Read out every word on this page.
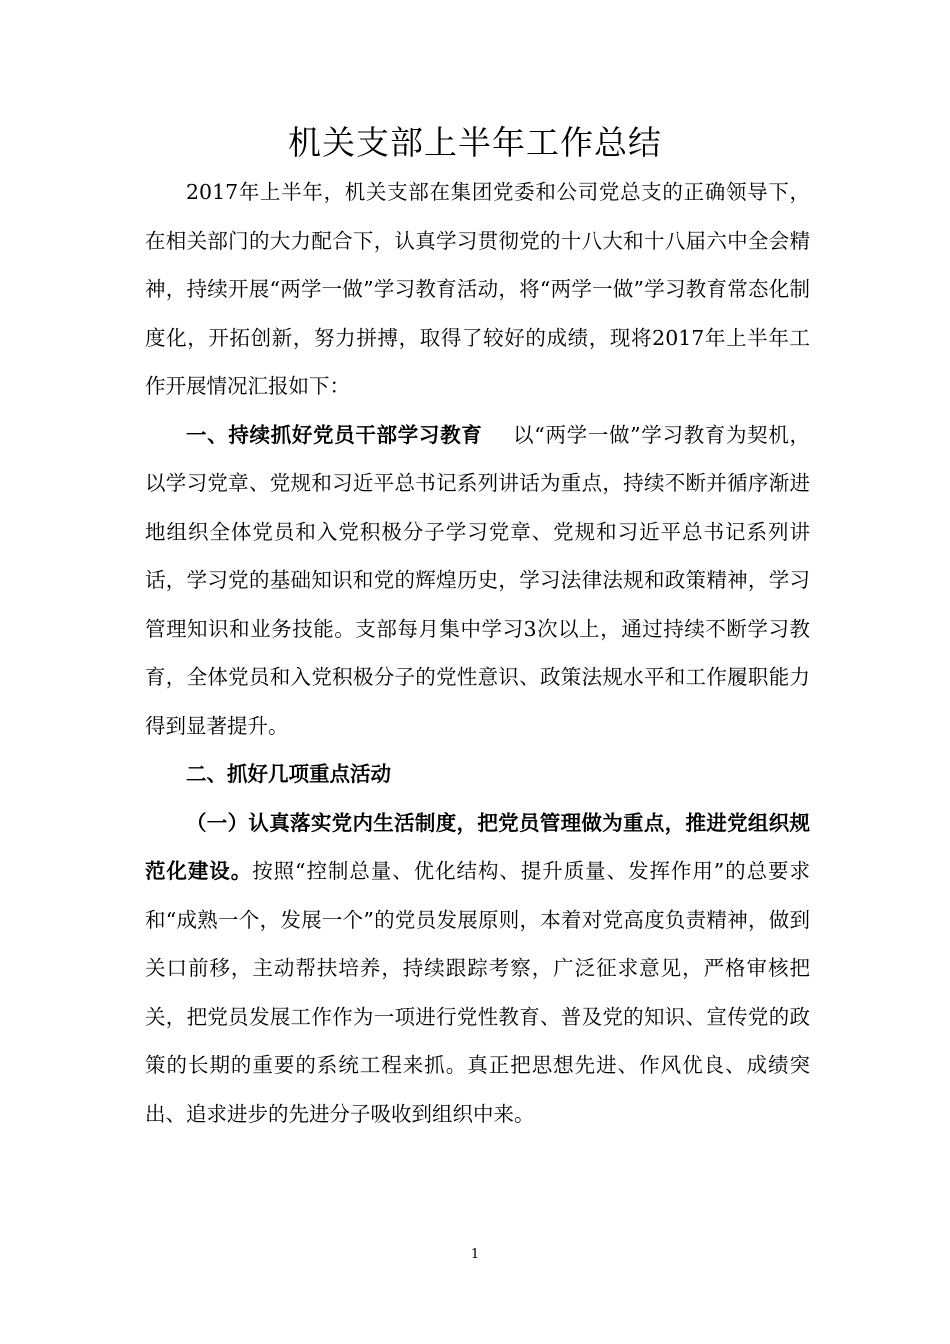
机关支部上半年工作总结

2017年上半年，机关支部在集团党委和公司党总支的正确领导下，在相关部门的大力配合下，认真学习贯彻党的十八大和十八届六中全会精神，持续开展“两学一做”学习教育活动，将“两学一做”学习教育常态化制度化，开拓创新，努力拼搏，取得了较好的成绩，现将2017年上半年工作开展情况汇报如下：

一、持续抓好党员干部学习教育 以“两学一做”学习教育为契机，以学习党章、党规和习近平总书记系列讲话为重点，持续不断并循序渐进地组织全体党员和入党积极分子学习党章、党规和习近平总书记系列讲话，学习党的基础知识和党的辉煌历史，学习法律法规和政策精神，学习管理知识和业务技能。支部每月集中学习3次以上，通过持续不断学习教育，全体党员和入党积极分子的党性意识、政策法规水平和工作履职能力得到显著提升。

二、抓好几项重点活动

（一）认真落实党内生活制度，把党员管理做为重点，推进党组织规范化建设。按照“控制总量、优化结构、提升质量、发挥作用”的总要求和“成熟一个，发展一个”的党员发展原则，本着对党高度负责精神，做到关口前移，主动帮扶培养，持续跟踪考察，广泛征求意见，严格审核把关，把党员发展工作作为一项进行党性教育、普及党的知识、宣传党的政策的长期的重要的系统工程来抓。真正把思想先进、作风优良、成绩突出、追求进步的先进分子吸收到组织中来。

1
